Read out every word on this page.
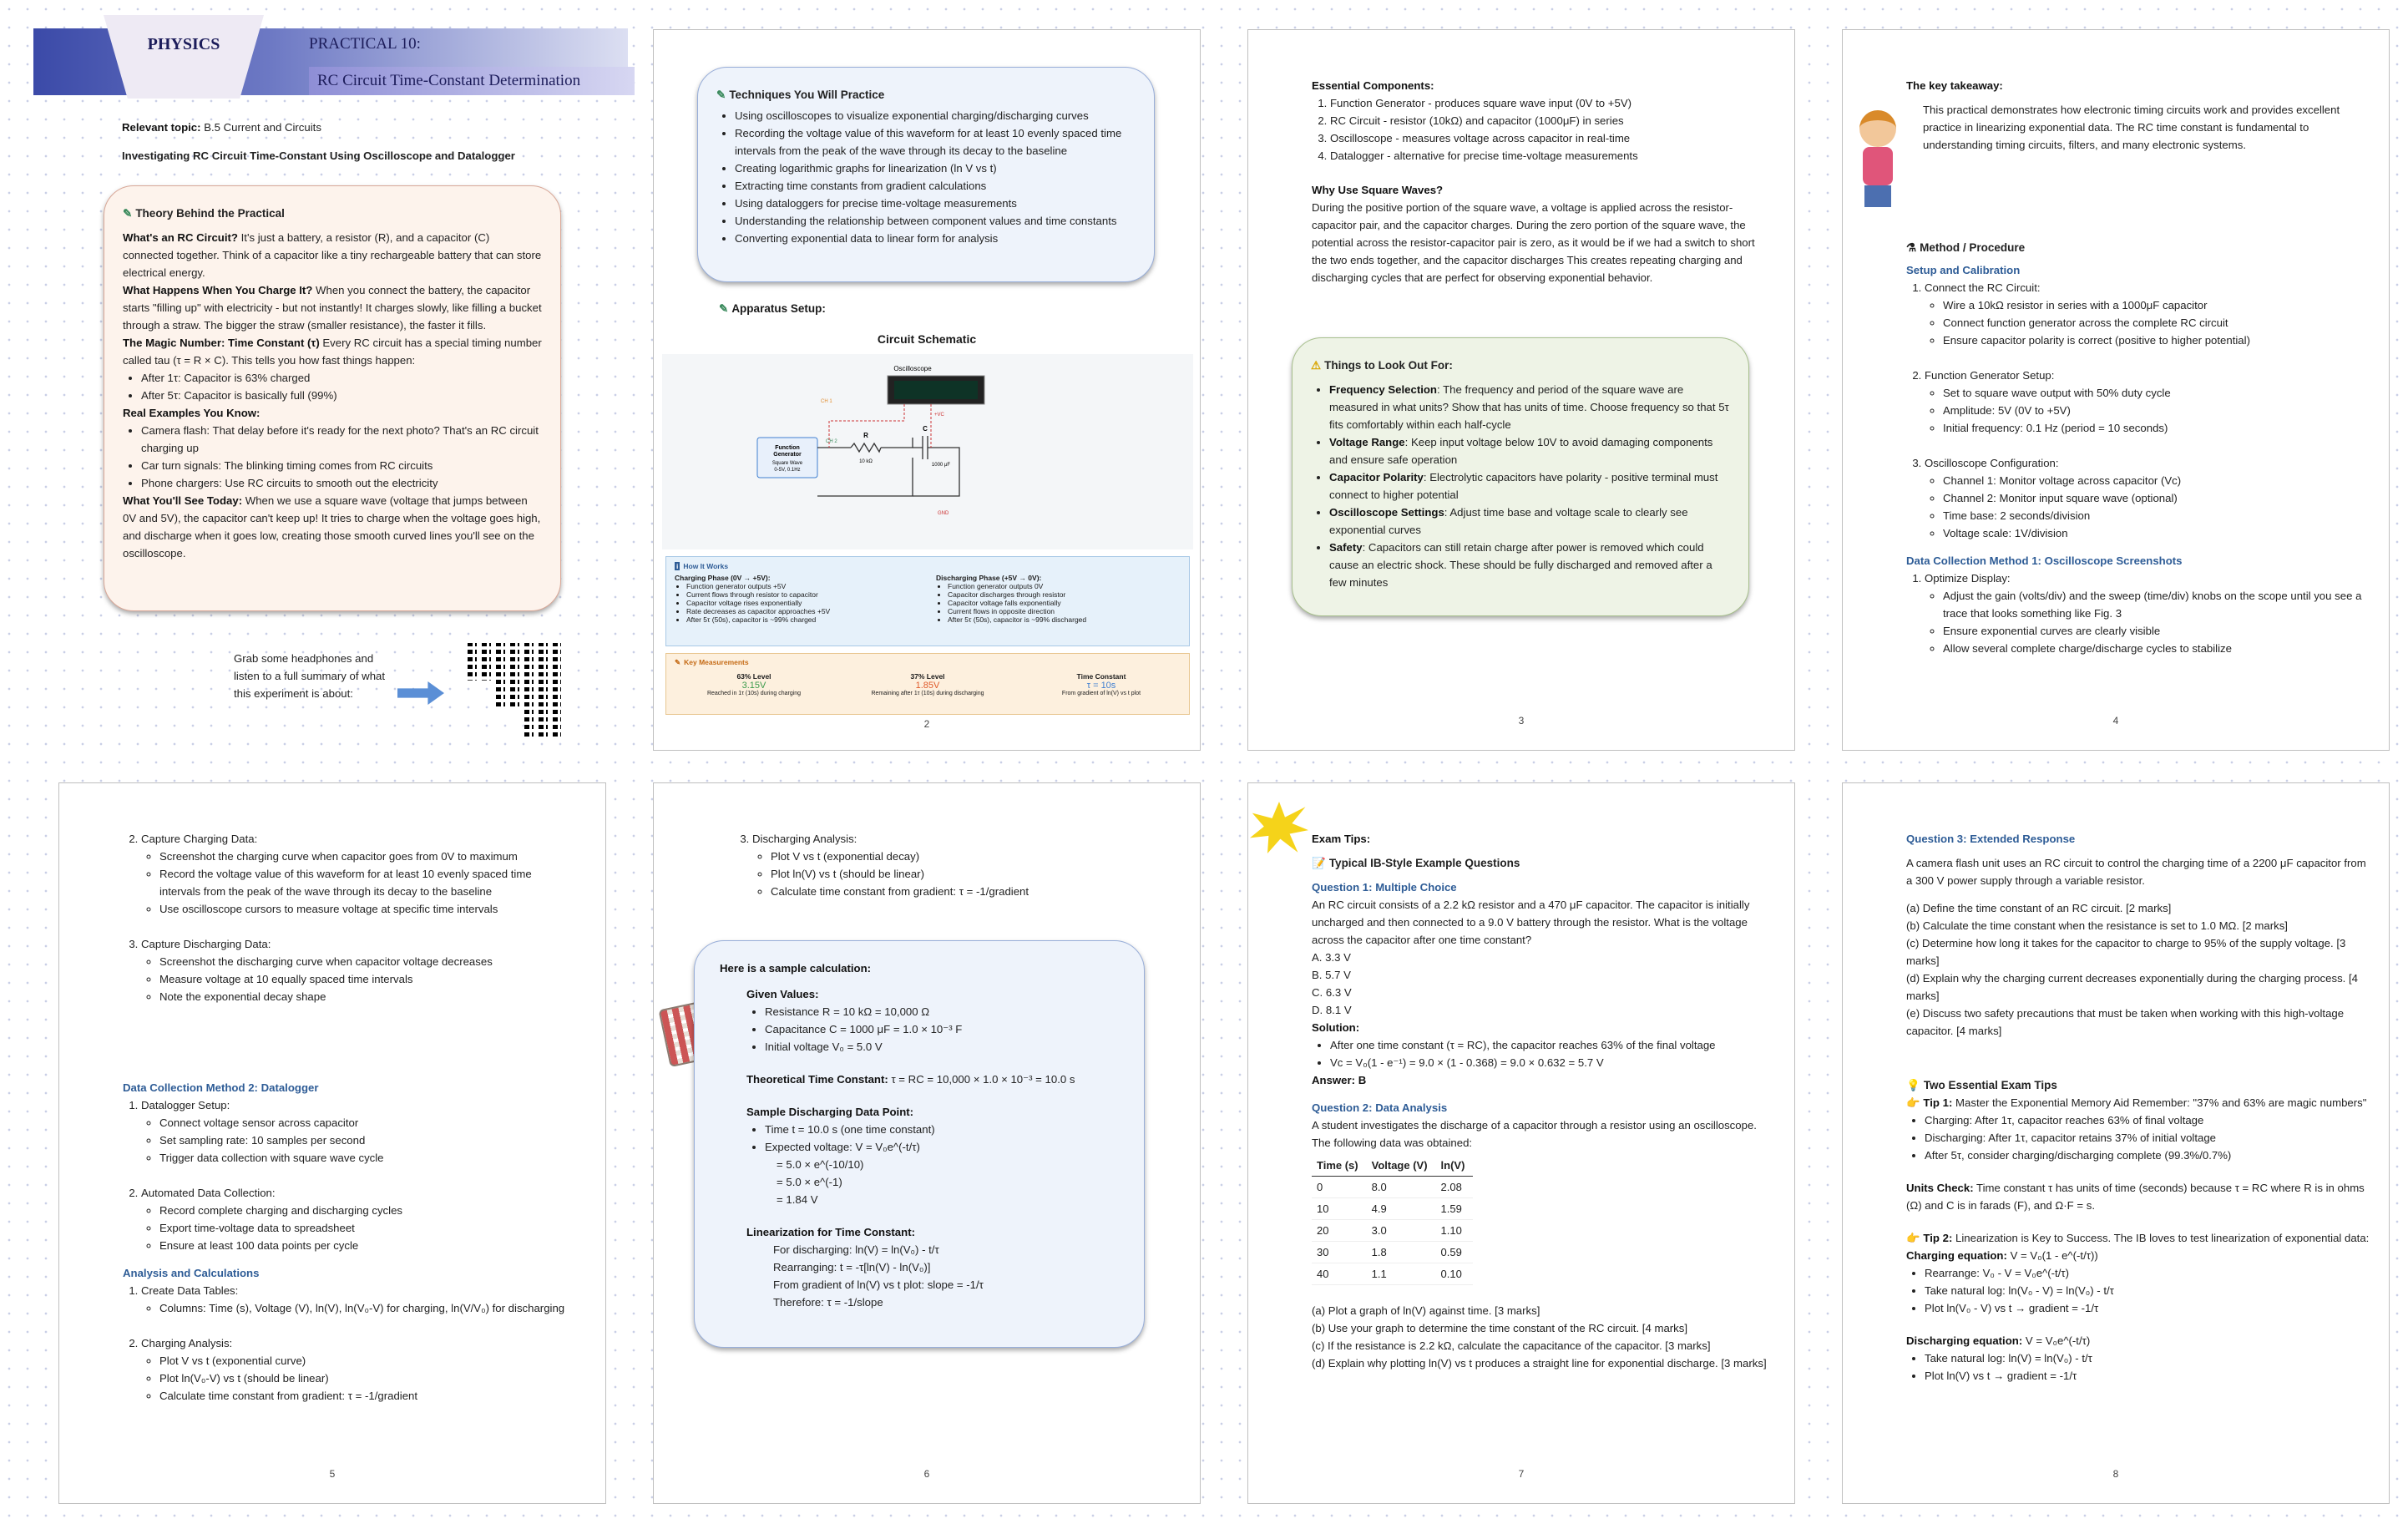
PHYSICS	PRACTICAL 10:
RC Circuit Time-Constant Determination
Relevant topic: B.5 Current and Circuits
Investigating RC Circuit Time-Constant Using Oscilloscope and Datalogger
✎ Theory Behind the Practical
What's an RC Circuit? It's just a battery, a resistor (R), and a capacitor (C) connected together. Think of a capacitor like a tiny rechargeable battery that can store electrical energy.
What Happens When You Charge It? When you connect the battery, the capacitor starts "filling up" with electricity - but not instantly! It charges slowly, like filling a bucket through a straw. The bigger the straw (smaller resistance), the faster it fills.
The Magic Number: Time Constant (τ) Every RC circuit has a special timing number called tau (τ = R × C). This tells you how fast things happen:
• After 1τ: Capacitor is 63% charged
• After 5τ: Capacitor is basically full (99%)
Real Examples You Know:
• Camera flash: That delay before it's ready for the next photo? That's an RC circuit charging up
• Car turn signals: The blinking timing comes from RC circuits
• Phone chargers: Use RC circuits to smooth out the electricity
What You'll See Today: When we use a square wave (voltage that jumps between 0V and 5V), the capacitor can't keep up! It tries to charge when the voltage goes high, and discharge when it goes low, creating those smooth curved lines you'll see on the oscilloscope.
Grab some headphones and listen to a full summary of what this experiment is about:
✎ Techniques You Will Practice
• Using oscilloscopes to visualize exponential charging/discharging curves
• Recording the voltage value of this waveform for at least 10 evenly spaced time intervals from the peak of the wave through its decay to the baseline
• Creating logarithmic graphs for linearization (ln V vs t)
• Extracting time constants from gradient calculations
• Using dataloggers for precise time-voltage measurements
• Understanding the relationship between component values and time constants
• Converting exponential data to linear form for analysis
✎ Apparatus Setup:
Circuit Schematic
Oscilloscope
Function
Generator
Square Wave
0-5V, 0.1Hz
R
10 kΩ
C
1000 μF
+VC
GND
CH 2
CH 1
i How It Works
Charging Phase (0V → +5V):
• Function generator outputs +5V
• Current flows through resistor to capacitor
• Capacitor voltage rises exponentially
• Rate decreases as capacitor approaches +5V
• After 5τ (50s), capacitor is ~99% charged
Discharging Phase (+5V → 0V):
• Function generator outputs 0V
• Capacitor discharges through resistor
• Capacitor voltage falls exponentially
• Current flows in opposite direction
• After 5τ (50s), capacitor is ~99% discharged
✎ Key Measurements
63% Level
3.15V
Reached in 1τ (10s) during charging
37% Level
1.85V
Remaining after 1τ (10s) during discharging
Time Constant
τ = 10s
From gradient of ln(V) vs t plot
2
Essential Components:
1. Function Generator - produces square wave input (0V to +5V)
2. RC Circuit - resistor (10kΩ) and capacitor (1000μF) in series
3. Oscilloscope - measures voltage across capacitor in real-time
4. Datalogger - alternative for precise time-voltage measurements
Why Use Square Waves?
During the positive portion of the square wave, a voltage is applied across the resistor-capacitor pair, and the capacitor charges. During the zero portion of the square wave, the potential across the resistor-capacitor pair is zero, as it would be if we had a switch to short the two ends together, and the capacitor discharges This creates repeating charging and discharging cycles that are perfect for observing exponential behavior.
⚠ Things to Look Out For:
• Frequency Selection: The frequency and period of the square wave are measured in what units? Show that has units of time. Choose frequency so that 5τ fits comfortably within each half-cycle
• Voltage Range: Keep input voltage below 10V to avoid damaging components and ensure safe operation
• Capacitor Polarity: Electrolytic capacitors have polarity - positive terminal must connect to higher potential
• Oscilloscope Settings: Adjust time base and voltage scale to clearly see exponential curves
• Safety: Capacitors can still retain charge after power is removed which could cause an electric shock. These should be fully discharged and removed after a few minutes
3
The key takeaway:
This practical demonstrates how electronic timing circuits work and provides excellent practice in linearizing exponential data. The RC time constant is fundamental to understanding timing circuits, filters, and many electronic systems.
⚗ Method / Procedure
Setup and Calibration
1. Connect the RC Circuit:
◦ Wire a 10kΩ resistor in series with a 1000μF capacitor
◦ Connect function generator across the complete RC circuit
◦ Ensure capacitor polarity is correct (positive to higher potential)

2. Function Generator Setup:
◦ Set to square wave output with 50% duty cycle
◦ Amplitude: 5V (0V to +5V)
◦ Initial frequency: 0.1 Hz (period = 10 seconds)

3. Oscilloscope Configuration:
◦ Channel 1: Monitor voltage across capacitor (Vc)
◦ Channel 2: Monitor input square wave (optional)
◦ Time base: 2 seconds/division
◦ Voltage scale: 1V/division
Data Collection Method 1: Oscilloscope Screenshots
1. Optimize Display:
◦ Adjust the gain (volts/div) and the sweep (time/div) knobs on the scope until you see a trace that looks something like Fig. 3
◦ Ensure exponential curves are clearly visible
◦ Allow several complete charge/discharge cycles to stabilize
4
2. Capture Charging Data:
◦ Screenshot the charging curve when capacitor goes from 0V to maximum
◦ Record the voltage value of this waveform for at least 10 evenly spaced time intervals from the peak of the wave through its decay to the baseline
◦ Use oscilloscope cursors to measure voltage at specific time intervals

3. Capture Discharging Data:
◦ Screenshot the discharging curve when capacitor voltage decreases
◦ Measure voltage at 10 equally spaced time intervals
◦ Note the exponential decay shape
Data Collection Method 2: Datalogger
1. Datalogger Setup:
◦ Connect voltage sensor across capacitor
◦ Set sampling rate: 10 samples per second
◦ Trigger data collection with square wave cycle

2. Automated Data Collection:
◦ Record complete charging and discharging cycles
◦ Export time-voltage data to spreadsheet
◦ Ensure at least 100 data points per cycle
Analysis and Calculations
1. Create Data Tables:
◦ Columns: Time (s), Voltage (V), ln(V), ln(V₀-V) for charging, ln(V/V₀) for discharging

2. Charging Analysis:
◦ Plot V vs t (exponential curve)
◦ Plot ln(V₀-V) vs t (should be linear)
◦ Calculate time constant from gradient: τ = -1/gradient
5
3. Discharging Analysis:
◦ Plot V vs t (exponential decay)
◦ Plot ln(V) vs t (should be linear)
◦ Calculate time constant from gradient: τ = -1/gradient
Here is a sample calculation:
Given Values:
• Resistance R = 10 kΩ = 10,000 Ω
• Capacitance C = 1000 μF = 1.0 × 10⁻³ F
• Initial voltage V₀ = 5.0 V
Theoretical Time Constant: τ = RC = 10,000 × 1.0 × 10⁻³ = 10.0 s
Sample Discharging Data Point:
• Time t = 10.0 s (one time constant)
• Expected voltage: V = V₀e^(-t/τ)
= 5.0 × e^(-10/10)
= 5.0 × e^(-1)
= 1.84 V
Linearization for Time Constant:
For discharging: ln(V) = ln(V₀) - t/τ
Rearranging: t = -τ[ln(V) - ln(V₀)]
From gradient of ln(V) vs t plot: slope = -1/τ
Therefore: τ = -1/slope
6
Exam Tips:
📝 Typical IB-Style Example Questions
Question 1: Multiple Choice
An RC circuit consists of a 2.2 kΩ resistor and a 470 μF capacitor. The capacitor is initially uncharged and then connected to a 9.0 V battery through the resistor. What is the voltage across the capacitor after one time constant?
A. 3.3 V
B. 5.7 V
C. 6.3 V
D. 8.1 V
Solution:
• After one time constant (τ = RC), the capacitor reaches 63% of the final voltage
• Vc = V₀(1 - e⁻¹) = 9.0 × (1 - 0.368) = 9.0 × 0.632 = 5.7 V
Answer: B
Question 2: Data Analysis
A student investigates the discharge of a capacitor through a resistor using an oscilloscope. The following data was obtained:
Time (s)	Voltage (V)	ln(V)
0	8.0	2.08
10	4.9	1.59
20	3.0	1.10
30	1.8	0.59
40	1.1	0.10
(a) Plot a graph of ln(V) against time. [3 marks]
(b) Use your graph to determine the time constant of the RC circuit. [4 marks]
(c) If the resistance is 2.2 kΩ, calculate the capacitance of the capacitor. [3 marks]
(d) Explain why plotting ln(V) vs t produces a straight line for exponential discharge. [3 marks]
7
Question 3: Extended Response
A camera flash unit uses an RC circuit to control the charging time of a 2200 μF capacitor from a 300 V power supply through a variable resistor.
(a) Define the time constant of an RC circuit. [2 marks]
(b) Calculate the time constant when the resistance is set to 1.0 MΩ. [2 marks]
(c) Determine how long it takes for the capacitor to charge to 95% of the supply voltage. [3 marks]
(d) Explain why the charging current decreases exponentially during the charging process. [4 marks]
(e) Discuss two safety precautions that must be taken when working with this high-voltage capacitor. [4 marks]
💡 Two Essential Exam Tips
👉 Tip 1: Master the Exponential Memory Aid Remember: "37% and 63% are magic numbers"
• Charging: After 1τ, capacitor reaches 63% of final voltage
• Discharging: After 1τ, capacitor retains 37% of initial voltage
• After 5τ, consider charging/discharging complete (99.3%/0.7%)
Units Check: Time constant τ has units of time (seconds) because τ = RC where R is in ohms (Ω) and C is in farads (F), and Ω·F = s.
👉 Tip 2: Linearization is Key to Success. The IB loves to test linearization of exponential data:
Charging equation: V = V₀(1 - e^(-t/τ))
• Rearrange: V₀ - V = V₀e^(-t/τ)
• Take natural log: ln(V₀ - V) = ln(V₀) - t/τ
• Plot ln(V₀ - V) vs t → gradient = -1/τ
Discharging equation: V = V₀e^(-t/τ)
• Take natural log: ln(V) = ln(V₀) - t/τ
• Plot ln(V) vs t → gradient = -1/τ
8
